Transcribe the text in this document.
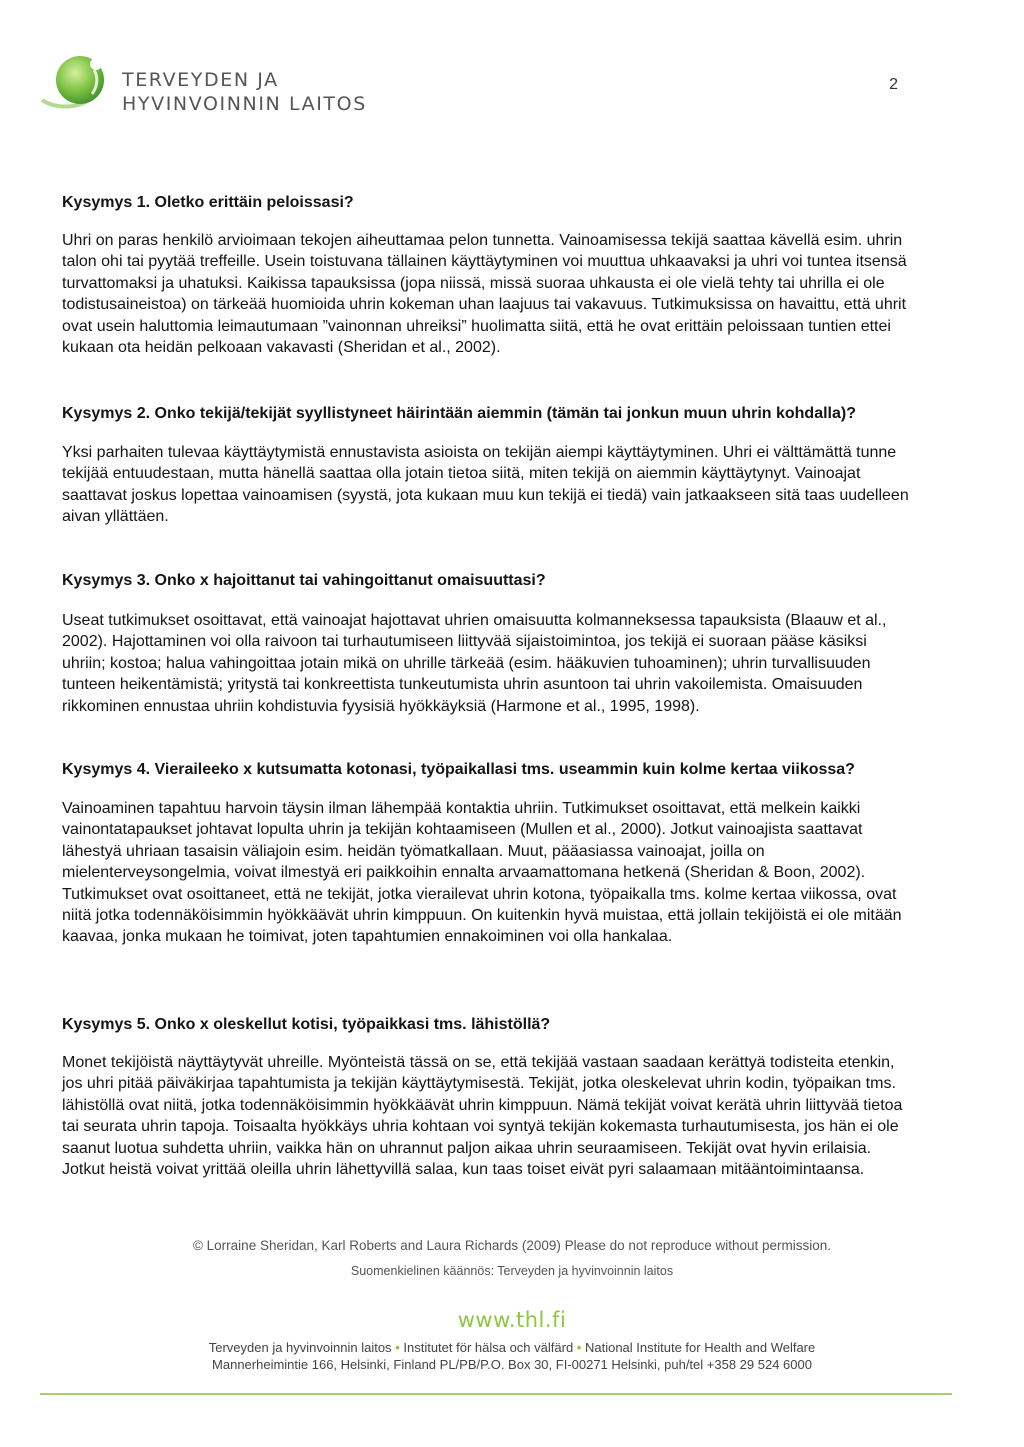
TERVEYDEN JA
HYVINVOINNIN LAITOS
2

Kysymys 1. Oletko erittäin peloissasi?

Uhri on paras henkilö arvioimaan tekojen aiheuttamaa pelon tunnetta. Vainoamisessa tekijä saattaa kävellä esim. uhrin talon ohi tai pyytää treffeille. Usein toistuvana tällainen käyttäytyminen voi muuttua uhkaavaksi ja uhri voi tuntea itsensä turvattomaksi ja uhatuksi. Kaikissa tapauksissa (jopa niissä, missä suoraa uhkausta ei ole vielä tehty tai uhrilla ei ole todistusaineistoa) on tärkeää huomioida uhrin kokeman uhan laajuus tai vakavuus. Tutkimuksissa on havaittu, että uhrit ovat usein haluttomia leimautumaan ”vainonnan uhreiksi” huolimatta siitä, että he ovat erittäin peloissaan tuntien ettei kukaan ota heidän pelkoaan vakavasti (Sheridan et al., 2002).

Kysymys 2. Onko tekijä/tekijät syyllistyneet häirintään aiemmin (tämän tai jonkun muun uhrin kohdalla)?

Yksi parhaiten tulevaa käyttäytymistä ennustavista asioista on tekijän aiempi käyttäytyminen. Uhri ei välttämättä tunne tekijää entuudestaan, mutta hänellä saattaa olla jotain tietoa siitä, miten tekijä on aiemmin käyttäytynyt. Vainoajat saattavat joskus lopettaa vainoamisen (syystä, jota kukaan muu kun tekijä ei tiedä) vain jatkaakseen sitä taas uudelleen aivan yllättäen.

Kysymys 3. Onko x hajoittanut tai vahingoittanut omaisuuttasi?

Useat tutkimukset osoittavat, että vainoajat hajottavat uhrien omaisuutta kolmanneksessa tapauksista (Blaauw et al., 2002). Hajottaminen voi olla raivoon tai turhautumiseen liittyvää sijaistoimintoa, jos tekijä ei suoraan pääse käsiksi uhriin; kostoa; halua vahingoittaa jotain mikä on uhrille tärkeää (esim. hääkuvien tuhoaminen); uhrin turvallisuuden tunteen heikentämistä; yritystä tai konkreettista tunkeutumista uhrin asuntoon tai uhrin vakoilemista. Omaisuuden rikkominen ennustaa uhriin kohdistuvia fyysisiä hyökkäyksiä (Harmone et al., 1995, 1998).

Kysymys 4. Vieraileeko x kutsumatta kotonasi, työpaikallasi tms. useammin kuin kolme kertaa viikossa?

Vainoaminen tapahtuu harvoin täysin ilman lähempää kontaktia uhriin. Tutkimukset osoittavat, että melkein kaikki vainontatapaukset johtavat lopulta uhrin ja tekijän kohtaamiseen (Mullen et al., 2000). Jotkut vainoajista saattavat lähestyä uhriaan tasaisin väliajoin esim. heidän työmatkallaan. Muut, pääasiassa vainoajat, joilla on mielenterveysongelmia, voivat ilmestyä eri paikkoihin ennalta arvaamattomana hetkenä (Sheridan & Boon, 2002). Tutkimukset ovat osoittaneet, että ne tekijät, jotka vierailevat uhrin kotona, työpaikalla tms. kolme kertaa viikossa, ovat niitä jotka todennäköisimmin hyökkäävät uhrin kimppuun. On kuitenkin hyvä muistaa, että jollain tekijöistä ei ole mitään kaavaa, jonka mukaan he toimivat, joten tapahtumien ennakoiminen voi olla hankalaa.

Kysymys 5. Onko x oleskellut kotisi, työpaikkasi tms. lähistöllä?

Monet tekijöistä näyttäytyvät uhreille. Myönteistä tässä on se, että tekijää vastaan saadaan kerättyä todisteita etenkin, jos uhri pitää päiväkirjaa tapahtumista ja tekijän käyttäytymisestä. Tekijät, jotka oleskelevat uhrin kodin, työpaikan tms. lähistöllä ovat niitä, jotka todennäköisimmin hyökkäävät uhrin kimppuun. Nämä tekijät voivat kerätä uhrin liittyvää tietoa tai seurata uhrin tapoja. Toisaalta hyökkäys uhria kohtaan voi syntyä tekijän kokemasta turhautumisesta, jos hän ei ole saanut luotua suhdetta uhriin, vaikka hän on uhrannut paljon aikaa uhrin seuraamiseen. Tekijät ovat hyvin erilaisia. Jotkut heistä voivat yrittää oleilla uhrin lähettyvillä salaa, kun taas toiset eivät pyri salaamaan mitääntoimintaansa.

© Lorraine Sheridan, Karl Roberts and Laura Richards (2009) Please do not reproduce without permission.
Suomenkielinen käännös: Terveyden ja hyvinvoinnin laitos
www.thl.fi
Terveyden ja hyvinvoinnin laitos • Institutet för hälsa och välfärd • National Institute for Health and Welfare
Mannerheimintie 166, Helsinki, Finland PL/PB/P.O. Box 30, FI-00271 Helsinki, puh/tel +358 29 524 6000
